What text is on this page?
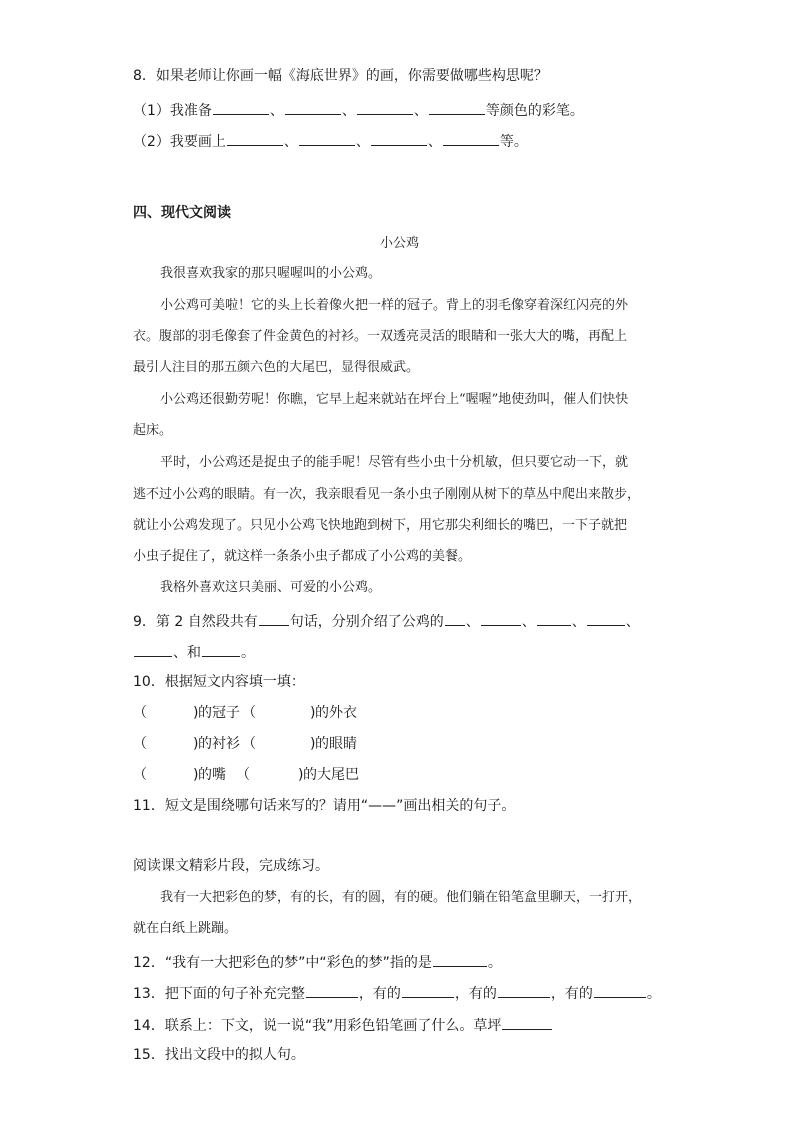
8．如果老师让你画一幅《海底世界》的画，你需要做哪些构思呢？
（1）我准备	、	、	、	等颜色的彩笔。
（2）我要画上	、	、	、	等。
四、现代文阅读
小公鸡
我很喜欢我家的那只喔喔叫的小公鸡。
小公鸡可美啦！它的头上长着像火把一样的冠子。背上的羽毛像穿着深红闪亮的外
衣。腹部的羽毛像套了件金黄色的衬衫。一双透亮灵活的眼睛和一张大大的嘴，再配上
最引人注目的那五颜六色的大尾巴，显得很威武。
小公鸡还很勤劳呢！你瞧，它早上起来就站在坪台上“喔喔”地使劲叫，催人们快快
起床。
平时，小公鸡还是捉虫子的能手呢！尽管有些小虫十分机敏，但只要它动一下，就
逃不过小公鸡的眼睛。有一次，我亲眼看见一条小虫子刚刚从树下的草丛中爬出来散步，
就让小公鸡发现了。只见小公鸡飞快地跑到树下，用它那尖利细长的嘴巴，一下子就把
小虫子捉住了，就这样一条条小虫子都成了小公鸡的美餐。
我格外喜欢这只美丽、可爱的小公鸡。
9．第 2 自然段共有 句话，分别介绍了公鸡的 、	、	、	、
、和	。
10．根据短文内容填一填：
（	) 的冠子 （	) 的外衣
（	) 的衬衫 （	) 的眼睛
（	) 的嘴 （	) 的大尾巴
11．短文是围绕哪句话来写的？请用“——”画出相关的句子。
阅读课文精彩片段，完成练习。
我有一大把彩色的梦，有的长，有的圆，有的硬。他们躺在铅笔盒里聊天，一打开，
就在白纸上跳蹦。
12．“我有一大把彩色的梦”中“彩色的梦”指的是	。
13．把下面的句子补充完整	，有的	，有的	，有的	。
14．联系上：下文，说一说“我”用彩色铅笔画了什么。草坪
15．找出文段中的拟人句。
